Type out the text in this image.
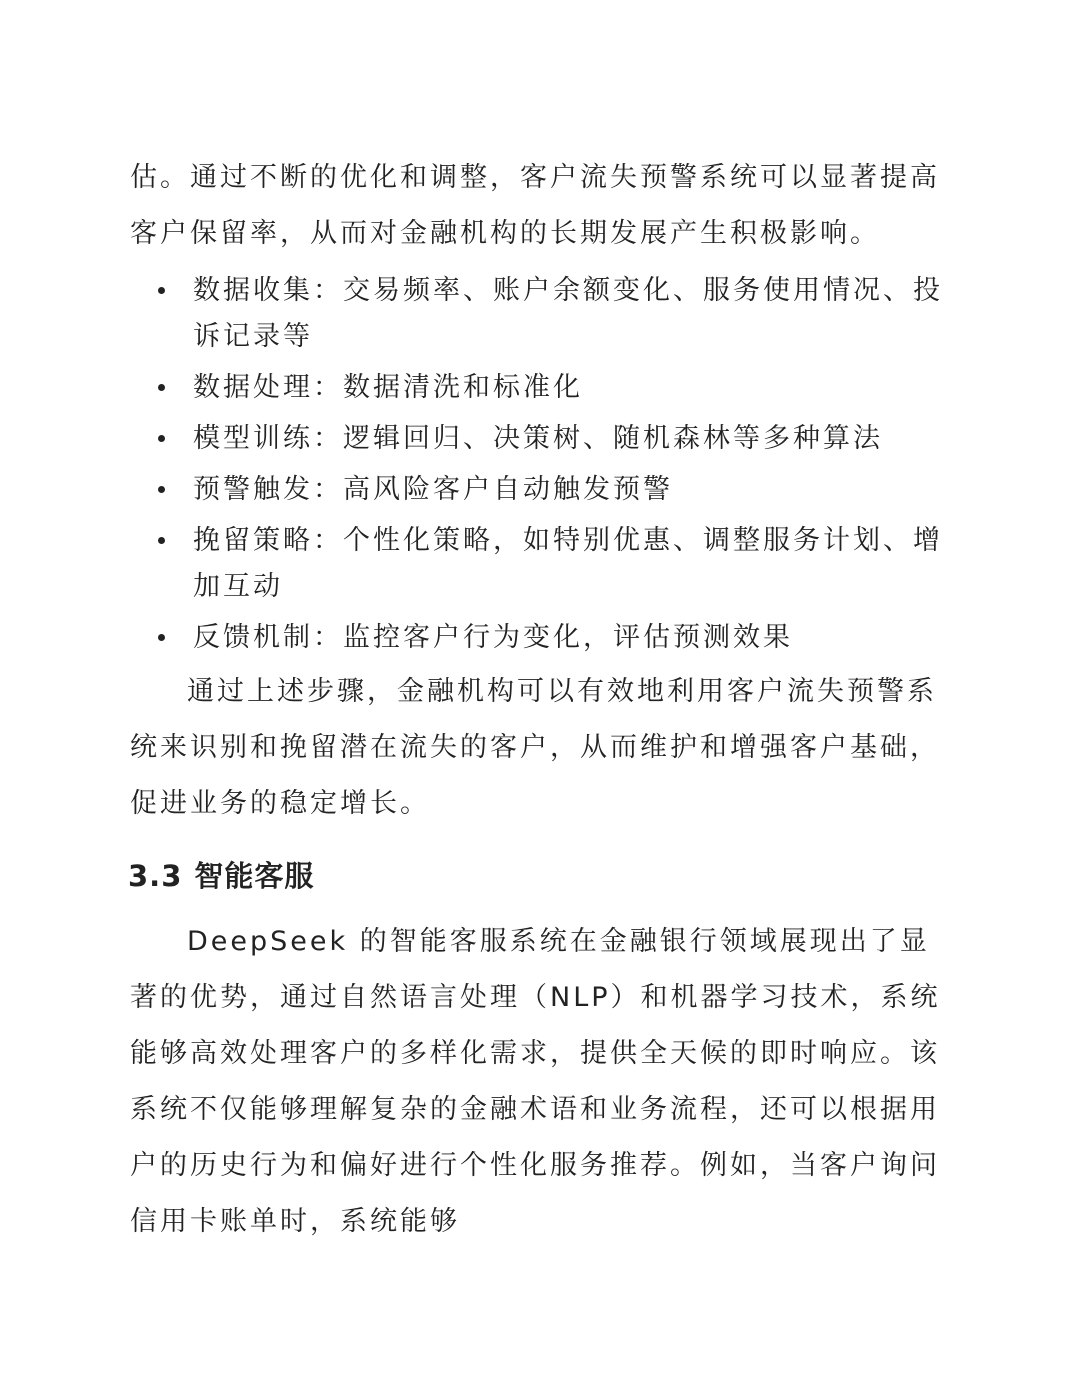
估。通过不断的优化和调整，客户流失预警系统可以显著提高客户保留率，从而对金融机构的长期发展产生积极影响。

数据收集：交易频率、账户余额变化、服务使用情况、投诉记录等
数据处理：数据清洗和标准化
模型训练：逻辑回归、决策树、随机森林等多种算法
预警触发：高风险客户自动触发预警
挽留策略：个性化策略，如特别优惠、调整服务计划、增加互动
反馈机制：监控客户行为变化，评估预测效果

通过上述步骤，金融机构可以有效地利用客户流失预警系统来识别和挽留潜在流失的客户，从而维护和增强客户基础，促进业务的稳定增长。

3.3 智能客服

DeepSeek 的智能客服系统在金融银行领域展现出了显著的优势，通过自然语言处理（NLP）和机器学习技术，系统能够高效处理客户的多样化需求，提供全天候的即时响应。该系统不仅能够理解复杂的金融术语和业务流程，还可以根据用户的历史行为和偏好进行个性化服务推荐。例如，当客户询问信用卡账单时，系统能够
